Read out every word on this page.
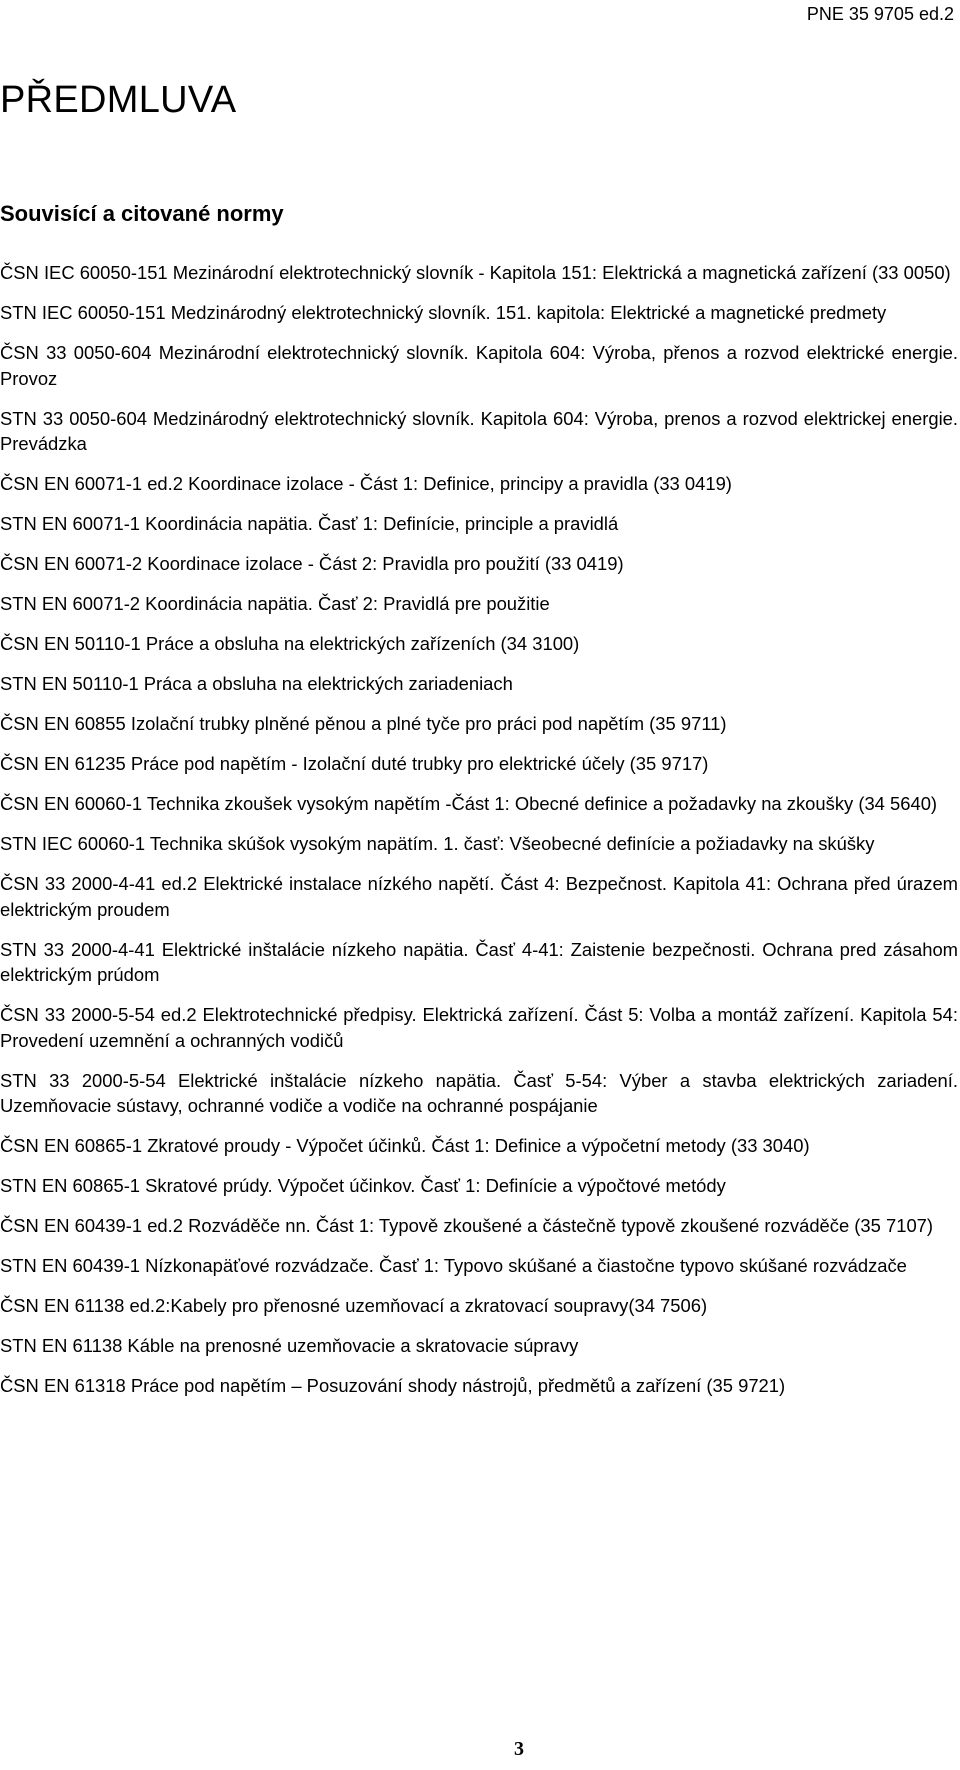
PNE 35 9705 ed.2
PŘEDMLUVA
Souvisící a citované normy
ČSN IEC 60050-151 Mezinárodní elektrotechnický slovník - Kapitola 151: Elektrická a magnetická zařízení (33 0050)
STN IEC 60050-151 Medzinárodný elektrotechnický slovník. 151. kapitola: Elektrické a magnetické predmety
ČSN 33 0050-604 Mezinárodní elektrotechnický slovník. Kapitola 604: Výroba, přenos a rozvod elektrické energie. Provoz
STN 33 0050-604 Medzinárodný elektrotechnický slovník. Kapitola 604: Výroba, prenos a rozvod elektrickej energie. Prevádzka
ČSN EN 60071-1 ed.2 Koordinace izolace - Část 1: Definice, principy a pravidla (33 0419)
STN EN 60071-1 Koordinácia napätia. Časť 1: Definície, principle a pravidlá
ČSN EN 60071-2 Koordinace izolace - Část 2: Pravidla pro použití (33 0419)
STN EN 60071-2 Koordinácia napätia. Časť 2: Pravidlá pre použitie
ČSN EN 50110-1 Práce a obsluha na elektrických zařízeních (34 3100)
STN EN 50110-1 Práca a obsluha na elektrických zariadeniach
ČSN EN 60855 Izolační trubky plněné pěnou a plné tyče pro práci pod napětím (35 9711)
ČSN EN 61235 Práce pod napětím - Izolační duté trubky pro elektrické účely (35 9717)
ČSN EN 60060-1 Technika zkoušek vysokým napětím -Část 1: Obecné definice a požadavky na zkoušky (34 5640)
STN IEC 60060-1 Technika skúšok vysokým napätím. 1. časť: Všeobecné definície a požiadavky na skúšky
ČSN 33 2000-4-41 ed.2 Elektrické instalace nízkého napětí. Část 4: Bezpečnost. Kapitola 41: Ochrana před úrazem elektrickým proudem
STN 33 2000-4-41 Elektrické inštalácie nízkeho napätia. Časť 4-41: Zaistenie bezpečnosti. Ochrana pred zásahom elektrickým prúdom
ČSN 33 2000-5-54 ed.2 Elektrotechnické předpisy. Elektrická zařízení. Část 5: Volba a montáž zařízení. Kapitola 54: Provedení uzemnění a ochranných vodičů
STN 33 2000-5-54 Elektrické inštalácie nízkeho napätia. Časť 5-54: Výber a stavba elektrických zariadení. Uzemňovacie sústavy, ochranné vodiče a vodiče na ochranné pospájanie
ČSN EN 60865-1 Zkratové proudy - Výpočet účinků. Část 1: Definice a výpočetní metody (33 3040)
STN EN 60865-1 Skratové prúdy. Výpočet účinkov. Časť 1: Definície a výpočtové metódy
ČSN EN 60439-1 ed.2 Rozváděče nn. Část 1: Typově zkoušené a částečně typově zkoušené rozváděče (35 7107)
STN EN 60439-1 Nízkonapäťové rozvádzače. Časť 1: Typovo skúšané a čiastočne typovo skúšané rozvádzače
ČSN EN 61138 ed.2:Kabely pro přenosné uzemňovací a zkratovací soupravy(34 7506)
STN EN 61138 Káble na prenosné uzemňovacie a skratovacie súpravy
ČSN EN 61318 Práce pod napětím – Posuzování shody nástrojů, předmětů a zařízení (35 9721)
3
